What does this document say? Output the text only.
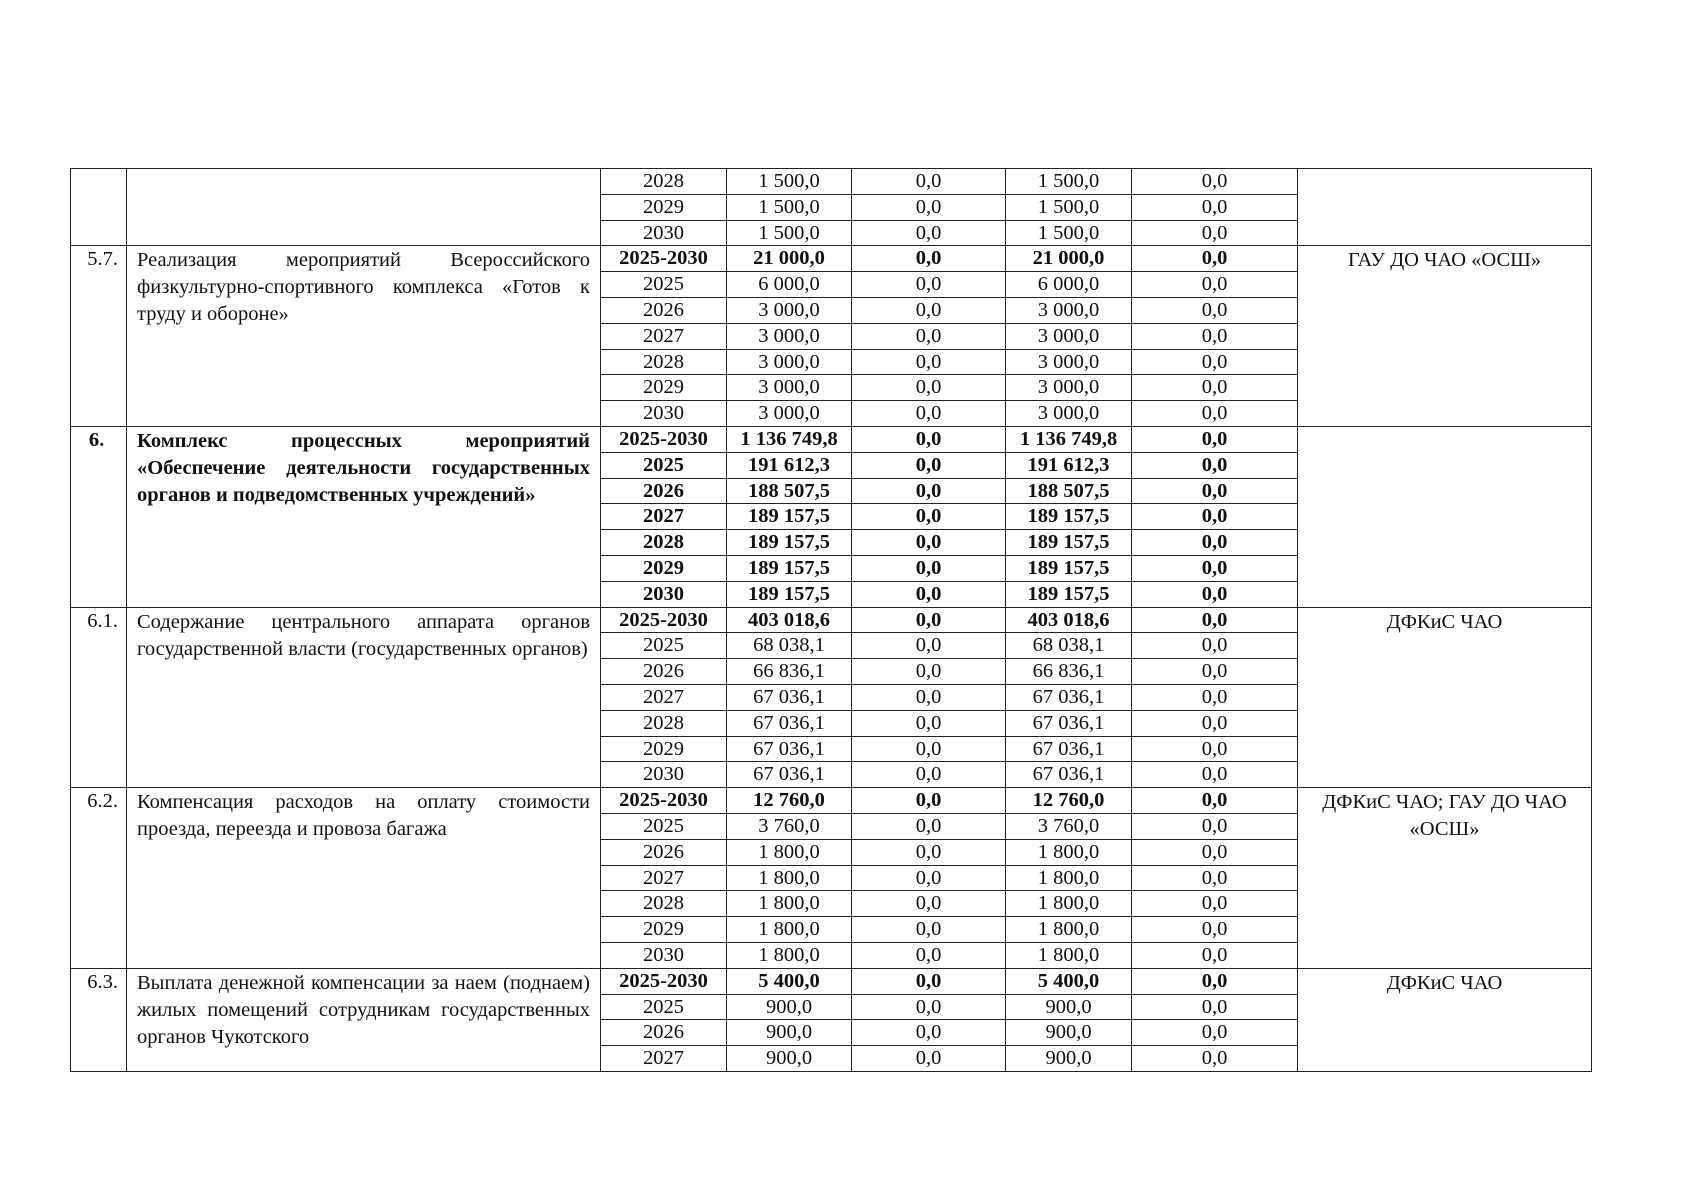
		2028	1 500,0	0,0	1 500,0	0,0	
		2029	1 500,0	0,0	1 500,0	0,0	
		2030	1 500,0	0,0	1 500,0	0,0	
5.7.	Реализация мероприятий Всероссийского физкультурно-спортивного комплекса «Готов к труду и обороне»	2025-2030	21 000,0	0,0	21 000,0	0,0	ГАУ ДО ЧАО «ОСШ»
		2025	6 000,0	0,0	6 000,0	0,0	
		2026	3 000,0	0,0	3 000,0	0,0	
		2027	3 000,0	0,0	3 000,0	0,0	
		2028	3 000,0	0,0	3 000,0	0,0	
		2029	3 000,0	0,0	3 000,0	0,0	
		2030	3 000,0	0,0	3 000,0	0,0	
6.	Комплекс процессных мероприятий «Обеспечение деятельности государственных органов и подведомственных учреждений»	2025-2030	1 136 749,8	0,0	1 136 749,8	0,0	
		2025	191 612,3	0,0	191 612,3	0,0	
		2026	188 507,5	0,0	188 507,5	0,0	
		2027	189 157,5	0,0	189 157,5	0,0	
		2028	189 157,5	0,0	189 157,5	0,0	
		2029	189 157,5	0,0	189 157,5	0,0	
		2030	189 157,5	0,0	189 157,5	0,0	
6.1.	Содержание центрального аппарата органов государственной власти (государственных органов)	2025-2030	403 018,6	0,0	403 018,6	0,0	ДФКиС ЧАО
		2025	68 038,1	0,0	68 038,1	0,0	
		2026	66 836,1	0,0	66 836,1	0,0	
		2027	67 036,1	0,0	67 036,1	0,0	
		2028	67 036,1	0,0	67 036,1	0,0	
		2029	67 036,1	0,0	67 036,1	0,0	
		2030	67 036,1	0,0	67 036,1	0,0	
6.2.	Компенсация расходов на оплату стоимости проезда, переезда и провоза багажа	2025-2030	12 760,0	0,0	12 760,0	0,0	ДФКиС ЧАО; ГАУ ДО ЧАО «ОСШ»
		2025	3 760,0	0,0	3 760,0	0,0	
		2026	1 800,0	0,0	1 800,0	0,0	
		2027	1 800,0	0,0	1 800,0	0,0	
		2028	1 800,0	0,0	1 800,0	0,0	
		2029	1 800,0	0,0	1 800,0	0,0	
		2030	1 800,0	0,0	1 800,0	0,0	
6.3.	Выплата денежной компенсации за наем (поднаем) жилых помещений сотрудникам государственных органов Чукотского	2025-2030	5 400,0	0,0	5 400,0	0,0	ДФКиС ЧАО
		2025	900,0	0,0	900,0	0,0	
		2026	900,0	0,0	900,0	0,0	
		2027	900,0	0,0	900,0	0,0	
